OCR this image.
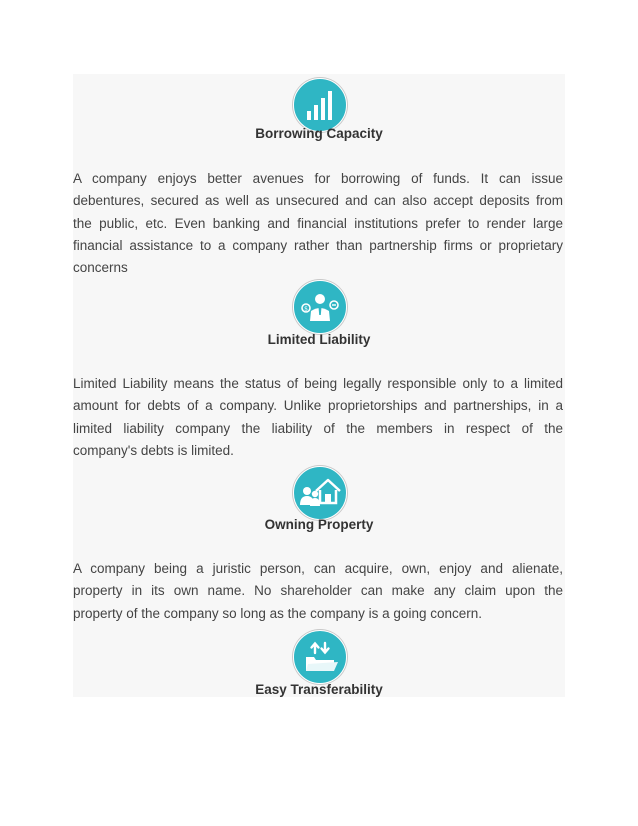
Borrowing Capacity
A company enjoys better avenues for borrowing of funds. It can issue
debentures, secured as well as unsecured and can also accept deposits from
the public, etc. Even banking and financial institutions prefer to render large
financial assistance to a company rather than partnership firms or proprietary
concerns
$
Limited Liability
Limited Liability means the status of being legally responsible only to a limited
amount for debts of a company. Unlike proprietorships and partnerships, in a
limited liability company the liability of the members in respect of the
company's debts is limited.
Owning Property
A company being a juristic person, can acquire, own, enjoy and alienate,
property in its own name. No shareholder can make any claim upon the
property of the company so long as the company is a going concern.
Easy Transferability
